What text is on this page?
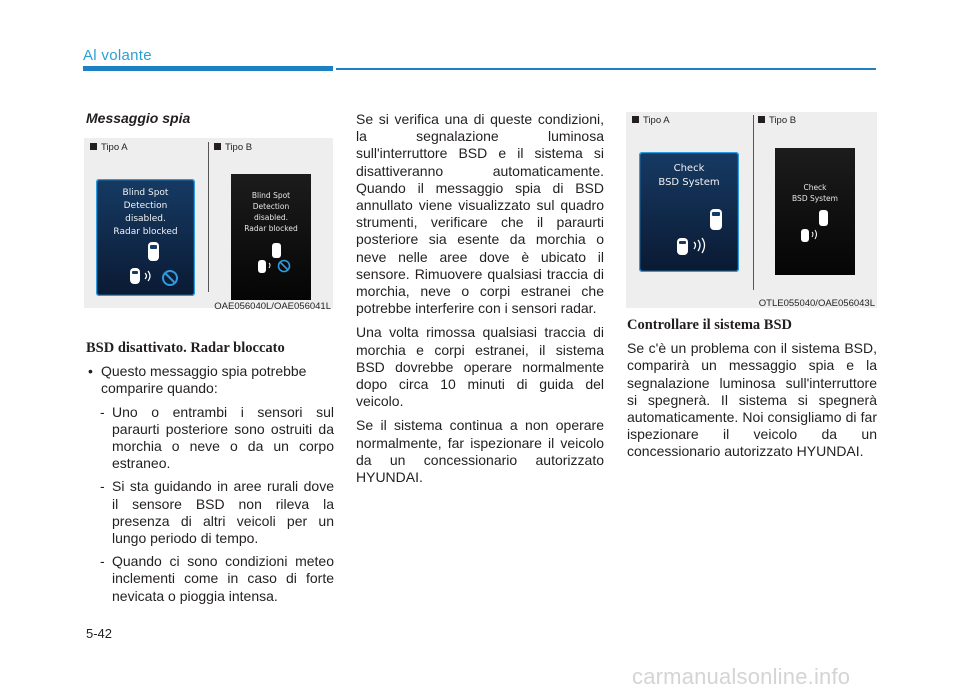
Al volante
Messaggio spia
Tipo A	Tipo B
Blind Spot
Detection
disabled.
Radar blocked
Blind Spot
Detection
disabled.
Radar blocked
OAE056040L/OAE056041L
BSD disattivato. Radar bloccato
• Questo messaggio spia potrebbe comparire quando:
- Uno o entrambi i sensori sul paraurti posteriore sono ostruiti da morchia o neve o da un corpo estraneo.
- Si sta guidando in aree rurali dove il sensore BSD non rileva la presenza di altri veicoli per un lungo periodo di tempo.
- Quando ci sono condizioni meteo inclementi come in caso di forte nevicata o pioggia intensa.

Se si verifica una di queste condizioni, la segnalazione luminosa sull'interruttore BSD e il sistema si disattiveranno automaticamente. Quando il messaggio spia di BSD annullato viene visualizzato sul quadro strumenti, verificare che il paraurti posteriore sia esente da morchia o neve nelle aree dove è ubicato il sensore. Rimuovere qualsiasi traccia di morchia, neve o corpi estranei che potrebbe interferire con i sensori radar.

Una volta rimossa qualsiasi traccia di morchia e corpi estranei, il sistema BSD dovrebbe operare normalmente dopo circa 10 minuti di guida del veicolo.

Se il sistema continua a non operare normalmente, far ispezionare il veicolo da un concessionario autorizzato HYUNDAI.

Tipo A	Tipo B
Check
BSD System	Check
BSD System
OTLE055040/OAE056043L
Controllare il sistema BSD

Se c'è un problema con il sistema BSD, comparirà un messaggio spia e la segnalazione luminosa sull'interruttore si spegnerà. Il sistema si spegnerà automaticamente. Noi consigliamo di far ispezionare il veicolo da un concessionario autorizzato HYUNDAI.

5-42
carmanualsonline.info
